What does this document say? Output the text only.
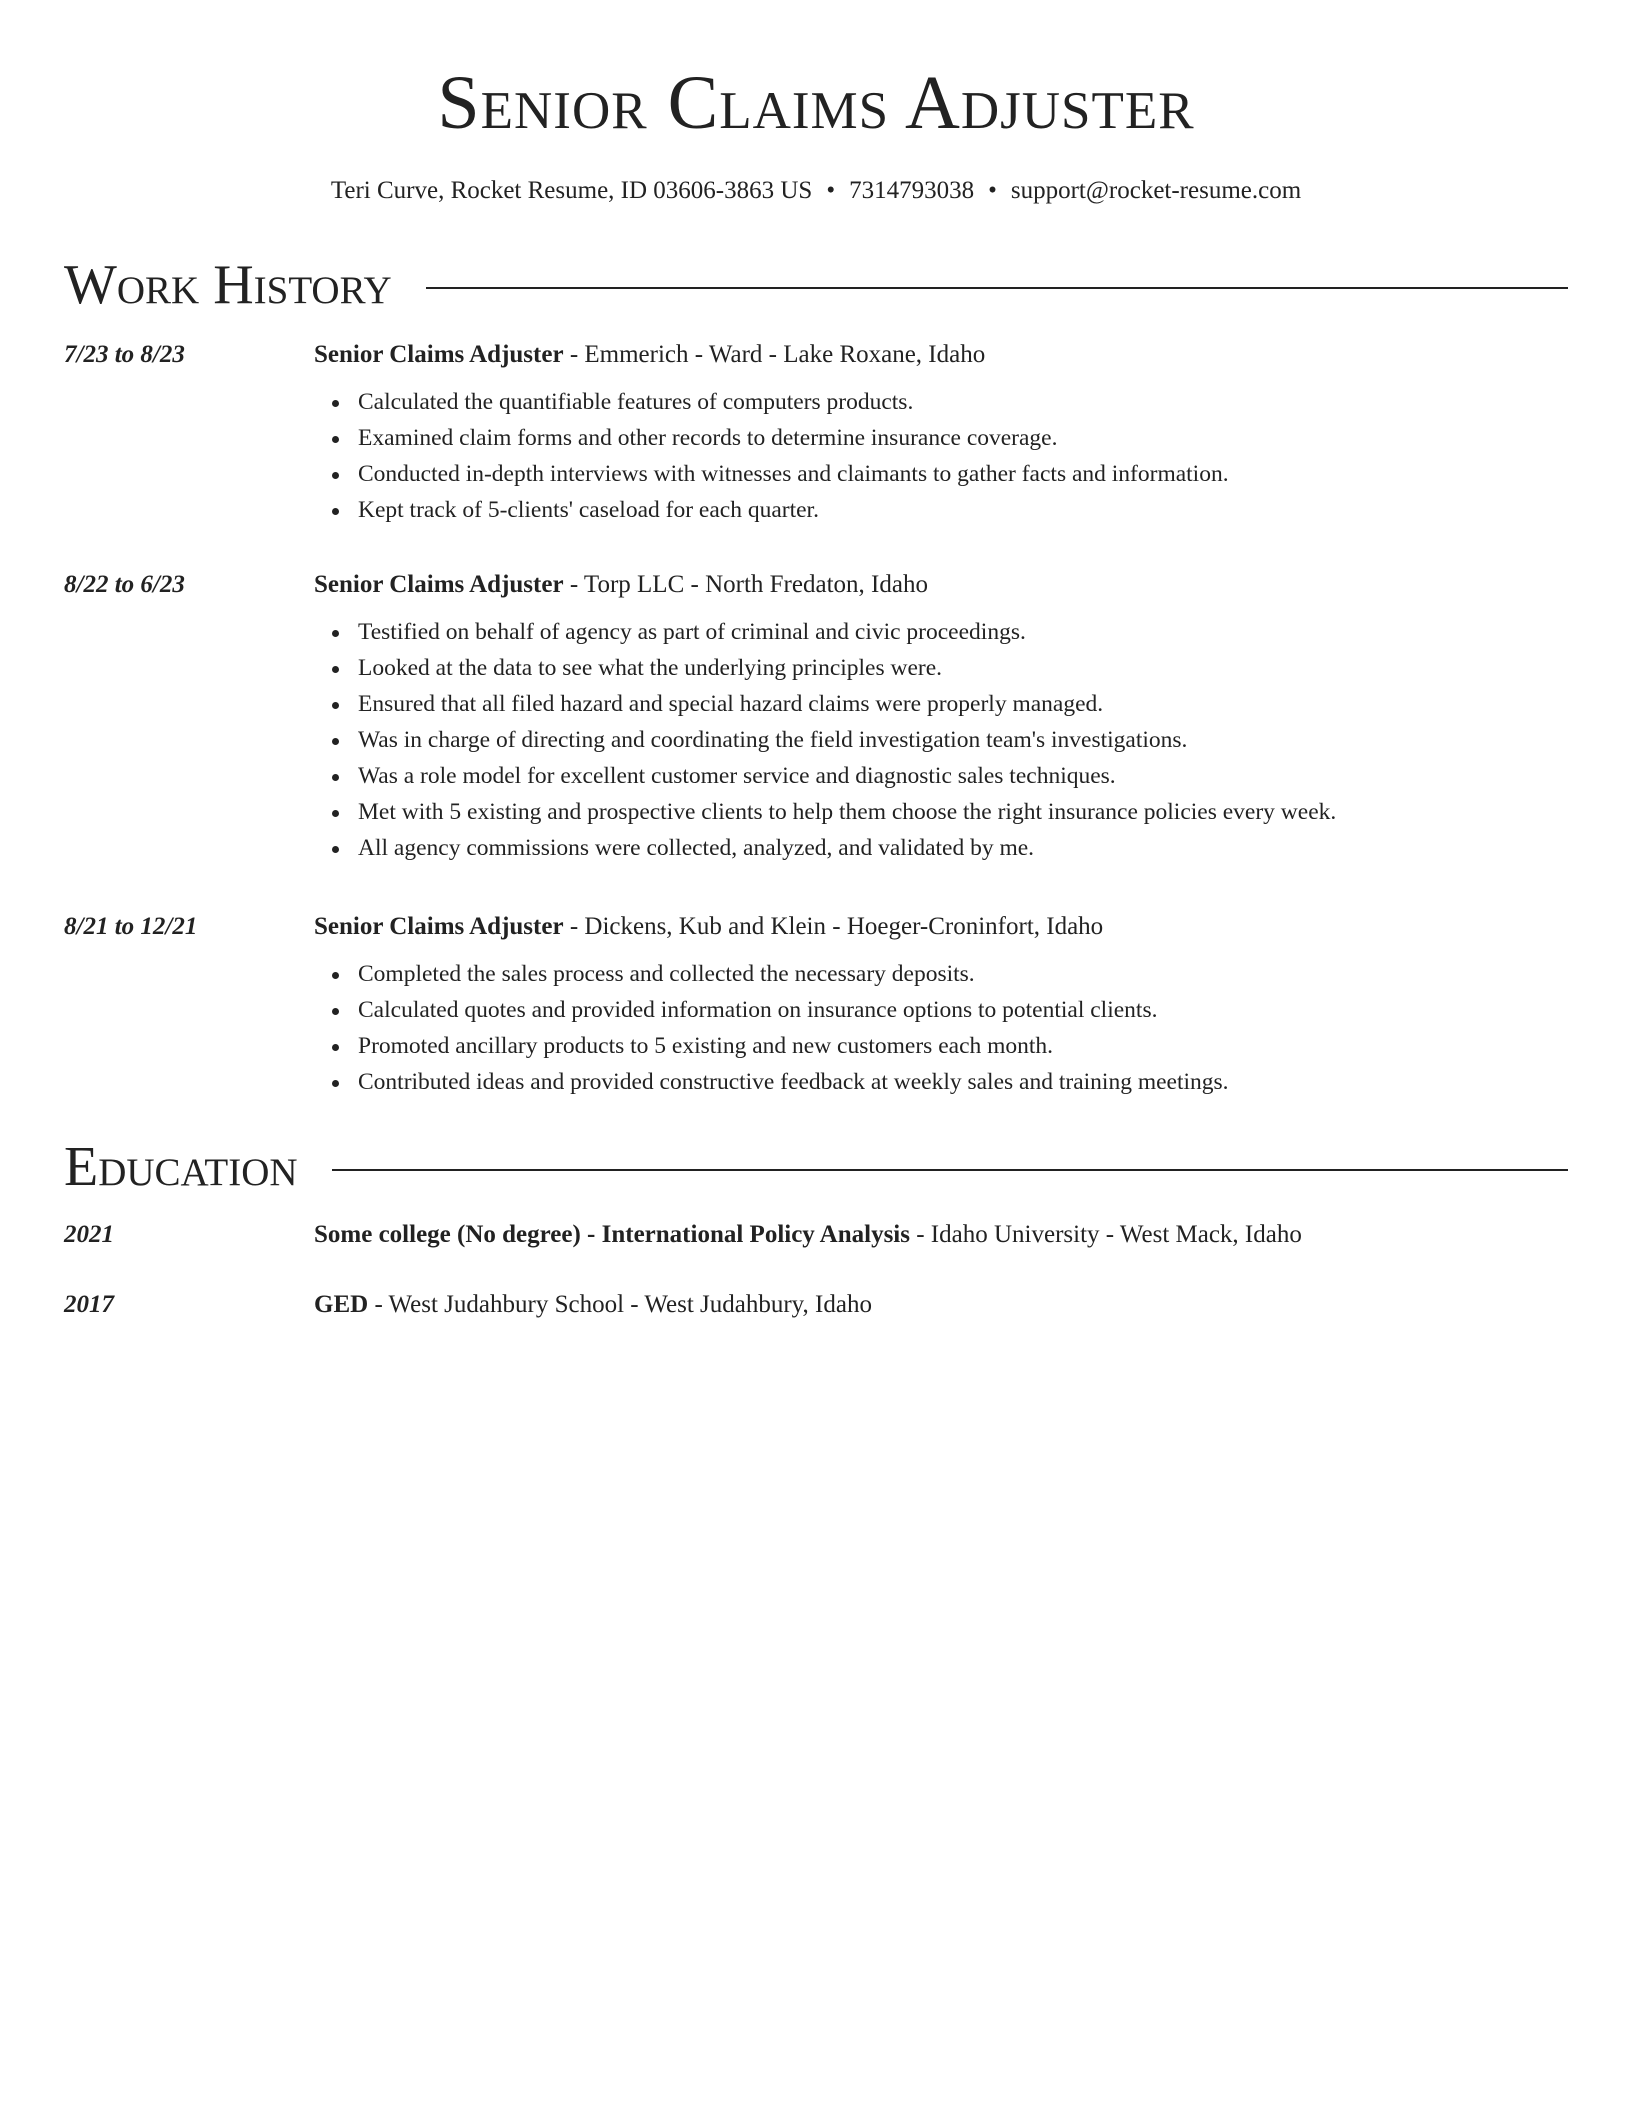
Senior Claims Adjuster
Teri Curve, Rocket Resume, ID 03606-3863 US • 7314793038 • support@rocket-resume.com
Work History
7/23 to 8/23	Senior Claims Adjuster - Emmerich - Ward - Lake Roxane, Idaho
Calculated the quantifiable features of computers products.
Examined claim forms and other records to determine insurance coverage.
Conducted in-depth interviews with witnesses and claimants to gather facts and information.
Kept track of 5-clients' caseload for each quarter.
8/22 to 6/23	Senior Claims Adjuster - Torp LLC - North Fredaton, Idaho
Testified on behalf of agency as part of criminal and civic proceedings.
Looked at the data to see what the underlying principles were.
Ensured that all filed hazard and special hazard claims were properly managed.
Was in charge of directing and coordinating the field investigation team's investigations.
Was a role model for excellent customer service and diagnostic sales techniques.
Met with 5 existing and prospective clients to help them choose the right insurance policies every week.
All agency commissions were collected, analyzed, and validated by me.
8/21 to 12/21	Senior Claims Adjuster - Dickens, Kub and Klein - Hoeger-Croninfort, Idaho
Completed the sales process and collected the necessary deposits.
Calculated quotes and provided information on insurance options to potential clients.
Promoted ancillary products to 5 existing and new customers each month.
Contributed ideas and provided constructive feedback at weekly sales and training meetings.
Education
2021	Some college (No degree) - International Policy Analysis - Idaho University - West Mack, Idaho
2017	GED - West Judahbury School - West Judahbury, Idaho
